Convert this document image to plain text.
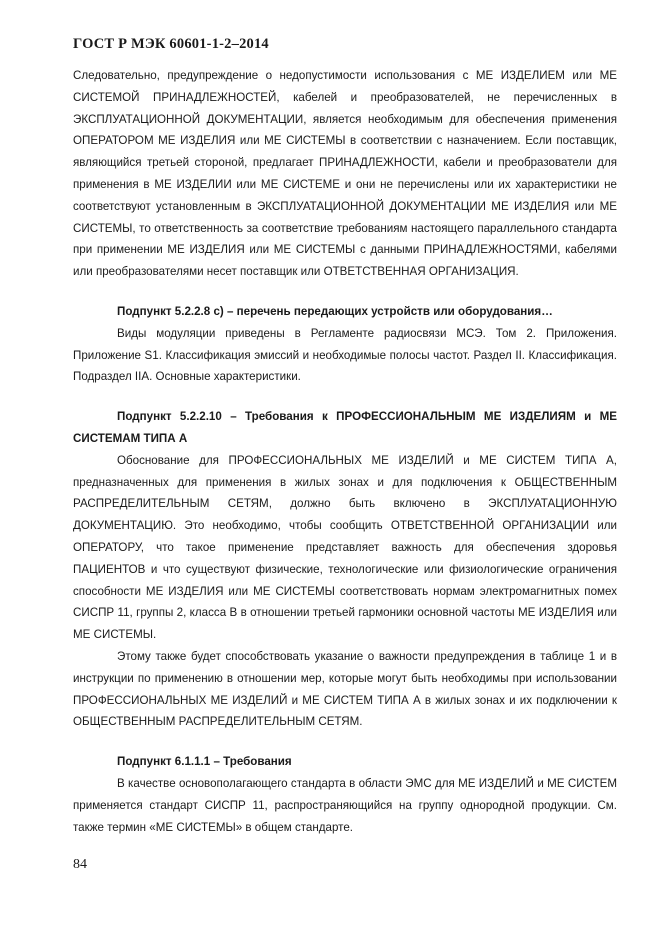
ГОСТ Р МЭК 60601-1-2–2014

Следовательно, предупреждение о недопустимости использования с МЕ ИЗДЕЛИЕМ или МЕ СИСТЕМОЙ ПРИНАДЛЕЖНОСТЕЙ, кабелей и преобразователей, не перечисленных в ЭКСПЛУАТАЦИОННОЙ ДОКУМЕНТАЦИИ, является необходимым для обеспечения применения ОПЕРАТОРОМ МЕ ИЗДЕЛИЯ или МЕ СИСТЕМЫ в соответствии с назначением. Если поставщик, являющийся третьей стороной, предлагает ПРИНАДЛЕЖНОСТИ, кабели и преобразователи для применения в МЕ ИЗДЕЛИИ или МЕ СИСТЕМЕ и они не перечислены или их характеристики не соответствуют установленным в ЭКСПЛУАТАЦИОННОЙ ДОКУМЕНТАЦИИ МЕ ИЗДЕЛИЯ или МЕ СИСТЕМЫ, то ответственность за соответствие требованиям настоящего параллельного стандарта при применении МЕ ИЗДЕЛИЯ или МЕ СИСТЕМЫ с данными ПРИНАДЛЕЖНОСТЯМИ, кабелями или преобразователями несет поставщик или ОТВЕТСТВЕННАЯ ОРГАНИЗАЦИЯ.

Подпункт 5.2.2.8 с) – перечень передающих устройств или оборудования…

Виды модуляции приведены в Регламенте радиосвязи МСЭ. Том 2. Приложения. Приложение S1. Классификация эмиссий и необходимые полосы частот. Раздел II. Классификация. Подраздел IIA. Основные характеристики.

Подпункт 5.2.2.10 – Требования к ПРОФЕССИОНАЛЬНЫМ МЕ ИЗДЕЛИЯМ и МЕ СИСТЕМАМ ТИПА А

Обоснование для ПРОФЕССИОНАЛЬНЫХ МЕ ИЗДЕЛИЙ и МЕ СИСТЕМ ТИПА А, предназначенных для применения в жилых зонах и для подключения к ОБЩЕСТВЕННЫМ РАСПРЕДЕЛИТЕЛЬНЫМ СЕТЯМ, должно быть включено в ЭКСПЛУАТАЦИОННУЮ ДОКУМЕНТАЦИЮ. Это необходимо, чтобы сообщить ОТВЕТСТВЕННОЙ ОРГАНИЗАЦИИ или ОПЕРАТОРУ, что такое применение представляет важность для обеспечения здоровья ПАЦИЕНТОВ и что существуют физические, технологические или физиологические ограничения способности МЕ ИЗДЕЛИЯ или МЕ СИСТЕМЫ соответствовать нормам электромагнитных помех СИСПР 11, группы 2, класса В в отношении третьей гармоники основной частоты МЕ ИЗДЕЛИЯ или МЕ СИСТЕМЫ.

Этому также будет способствовать указание о важности предупреждения в таблице 1 и в инструкции по применению в отношении мер, которые могут быть необходимы при использовании ПРОФЕССИОНАЛЬНЫХ МЕ ИЗДЕЛИЙ и МЕ СИСТЕМ ТИПА А в жилых зонах и их подключении к ОБЩЕСТВЕННЫМ РАСПРЕДЕЛИТЕЛЬНЫМ СЕТЯМ.

Подпункт 6.1.1.1 – Требования

В качестве основополагающего стандарта в области ЭМС для МЕ ИЗДЕЛИЙ и МЕ СИСТЕМ применяется стандарт СИСПР 11, распространяющийся на группу однородной продукции. См. также термин «МЕ СИСТЕМЫ» в общем стандарте.

84
